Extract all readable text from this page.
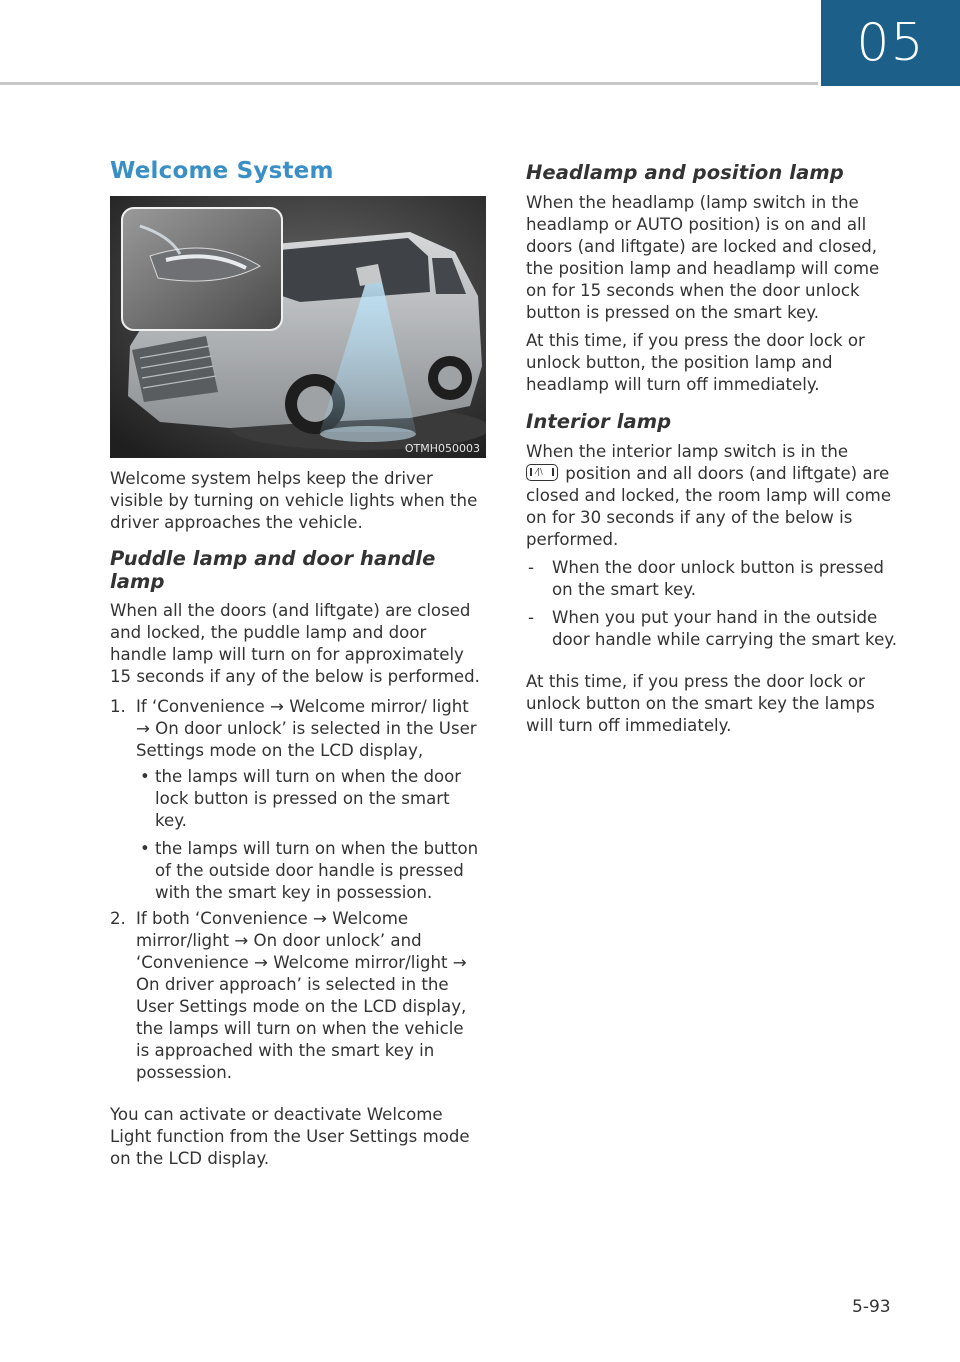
05
Welcome System
OTMH050003

Welcome system helps keep the driver visible by turning on vehicle lights when the driver approaches the vehicle.

Puddle lamp and door handle lamp

When all the doors (and liftgate) are closed and locked, the puddle lamp and door handle lamp will turn on for approximately 15 seconds if any of the below is performed.

1. If ‘Convenience → Welcome mirror/ light → On door unlock’ is selected in the User Settings mode on the LCD display,
• the lamps will turn on when the door lock button is pressed on the smart key.
• the lamps will turn on when the button of the outside door handle is pressed with the smart key in possession.
2. If both ‘Convenience → Welcome mirror/light → On door unlock’ and ‘Convenience → Welcome mirror/light → On driver approach’ is selected in the User Settings mode on the LCD display, the lamps will turn on when the vehicle is approached with the smart key in possession.

You can activate or deactivate Welcome Light function from the User Settings mode on the LCD display.

Headlamp and position lamp

When the headlamp (lamp switch in the headlamp or AUTO position) is on and all doors (and liftgate) are locked and closed, the position lamp and headlamp will come on for 15 seconds when the door unlock button is pressed on the smart key.

At this time, if you press the door lock or unlock button, the position lamp and headlamp will turn off immediately.

Interior lamp

When the interior lamp switch is in the

⁄|\ position and all doors (and liftgate) are closed and locked, the room lamp will come on for 30 seconds if any of the below is performed.

- When the door unlock button is pressed on the smart key.
- When you put your hand in the outside door handle while carrying the smart key.

At this time, if you press the door lock or unlock button on the smart key the lamps will turn off immediately.

5-93
